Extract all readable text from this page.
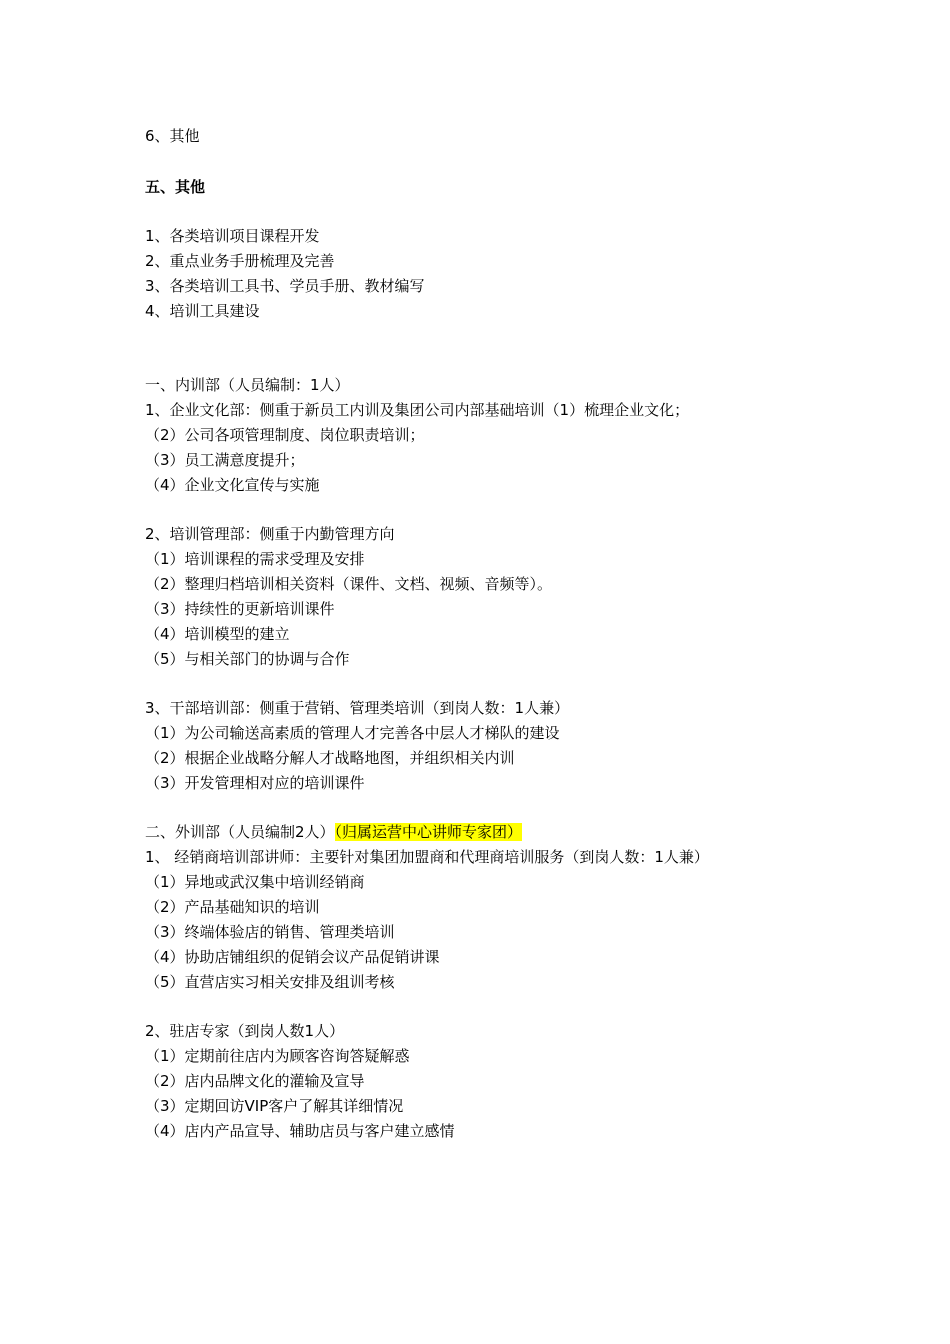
6、其他
五、其他
1、各类培训项目课程开发
2、重点业务手册梳理及完善
3、各类培训工具书、学员手册、教材编写
4、培训工具建设
一、内训部（人员编制：1人）
1、企业文化部：侧重于新员工内训及集团公司内部基础培训（1）梳理企业文化；
（2）公司各项管理制度、岗位职责培训；
（3）员工满意度提升；
（4）企业文化宣传与实施
2、培训管理部：侧重于内勤管理方向
（1）培训课程的需求受理及安排
（2）整理归档培训相关资料（课件、文档、视频、音频等）。
（3）持续性的更新培训课件
（4）培训模型的建立
（5）与相关部门的协调与合作
3、干部培训部：侧重于营销、管理类培训（到岗人数：1人兼）
（1）为公司输送高素质的管理人才完善各中层人才梯队的建设
（2）根据企业战略分解人才战略地图，并组织相关内训
（3）开发管理相对应的培训课件
二、外训部（人员编制2人）（归属运营中心讲师专家团）
1、 经销商培训部讲师：主要针对集团加盟商和代理商培训服务（到岗人数：1人兼）
（1）异地或武汉集中培训经销商
（2）产品基础知识的培训
（3）终端体验店的销售、管理类培训
（4）协助店铺组织的促销会议产品促销讲课
（5）直营店实习相关安排及组训考核
2、驻店专家（到岗人数1人）
（1）定期前往店内为顾客咨询答疑解惑
（2）店内品牌文化的灌输及宣导
（3）定期回访VIP客户了解其详细情况
（4）店内产品宣导、辅助店员与客户建立感情
